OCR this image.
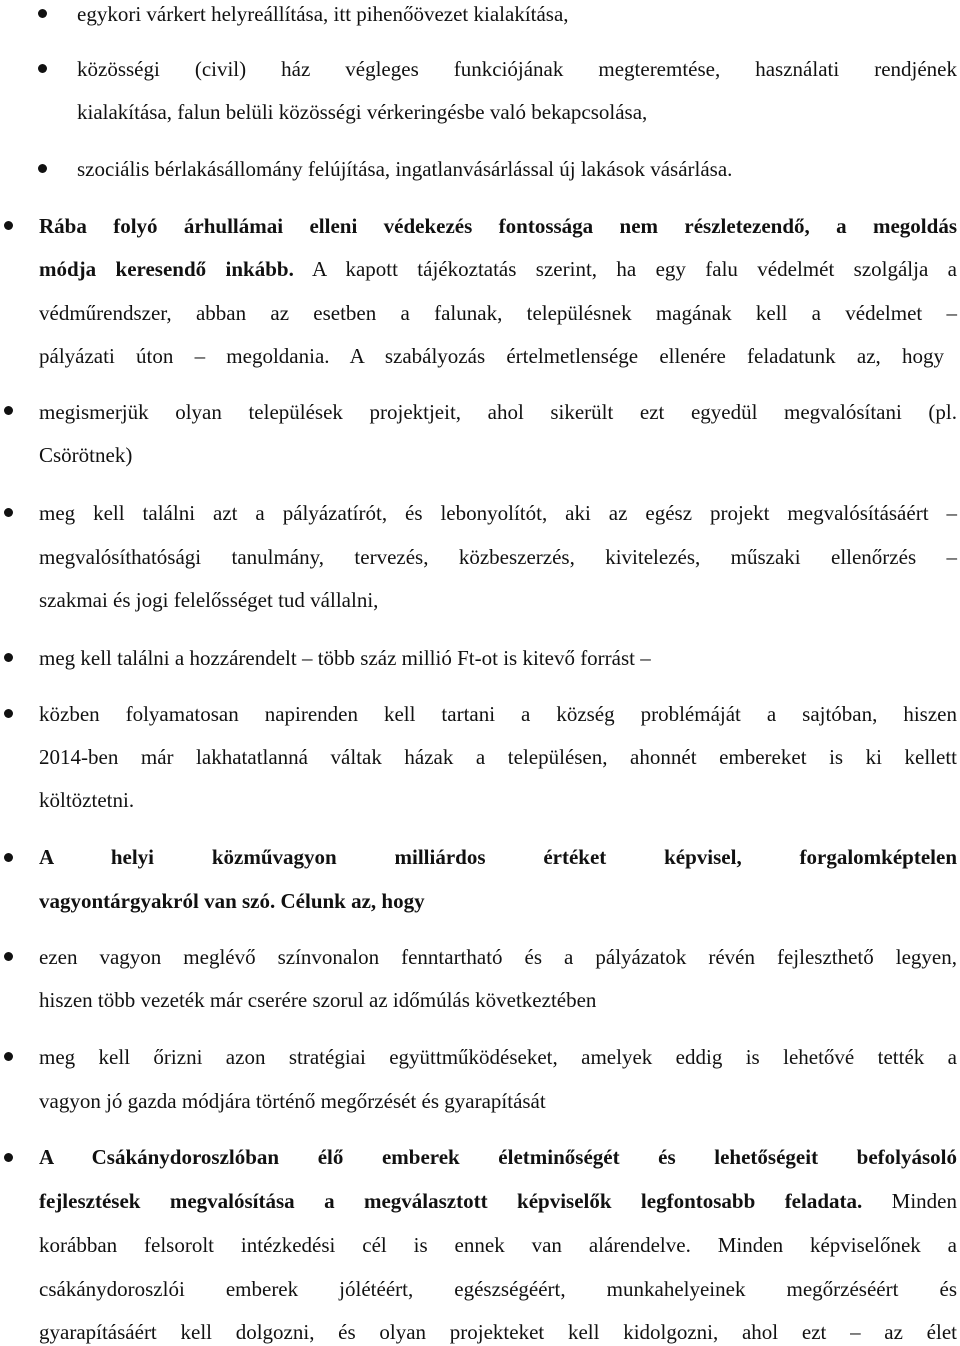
egykori várkert helyreállítása, itt pihenőövezet kialakítása,
közösségi (civil) ház végleges funkciójának megteremtése, használati rendjének
kialakítása, falun belüli közösségi vérkeringésbe való bekapcsolása,
szociális bérlakásállomány felújítása, ingatlanvásárlással új lakások vásárlása.
Rába folyó árhullámai elleni védekezés fontossága nem részletezendő, a megoldás
módja keresendő inkább. A kapott tájékoztatás szerint, ha egy falu védelmét szolgálja a
védműrendszer, abban az esetben a falunak, településnek magának kell a védelmet –
pályázati úton – megoldania. A szabályozás értelmetlensége ellenére feladatunk az, hogy
megismerjük olyan települések projektjeit, ahol sikerült ezt egyedül megvalósítani (pl.
Csörötnek)
meg kell találni azt a pályázatírót, és lebonyolítót, aki az egész projekt megvalósításáért –
megvalósíthatósági tanulmány, tervezés, közbeszerzés, kivitelezés, műszaki ellenőrzés –
szakmai és jogi felelősséget tud vállalni,
meg kell találni a hozzárendelt – több száz millió Ft-ot is kitevő forrást –
közben folyamatosan napirenden kell tartani a község problémáját a sajtóban, hiszen
2014-ben már lakhatatlanná váltak házak a településen, ahonnét embereket is ki kellett
költöztetni.
A helyi közművagyon milliárdos értéket képvisel, forgalomképtelen
vagyontárgyakról van szó. Célunk az, hogy
ezen vagyon meglévő színvonalon fenntartható és a pályázatok révén fejleszthető legyen,
hiszen több vezeték már cserére szorul az időmúlás következtében
meg kell őrizni azon stratégiai együttműködéseket, amelyek eddig is lehetővé tették a
vagyon jó gazda módjára történő megőrzését és gyarapítását
A Csákánydoroszlóban élő emberek életminőségét és lehetőségeit befolyásoló
fejlesztések megvalósítása a megválasztott képviselők legfontosabb feladata. Minden
korábban felsorolt intézkedési cél is ennek van alárendelve. Minden képviselőnek a
csákánydoroszlói emberek jólétéért, egészségéért, munkahelyeinek megőrzéséért és
gyarapításáért kell dolgozni, és olyan projekteket kell kidolgozni, ahol ezt – az élet
